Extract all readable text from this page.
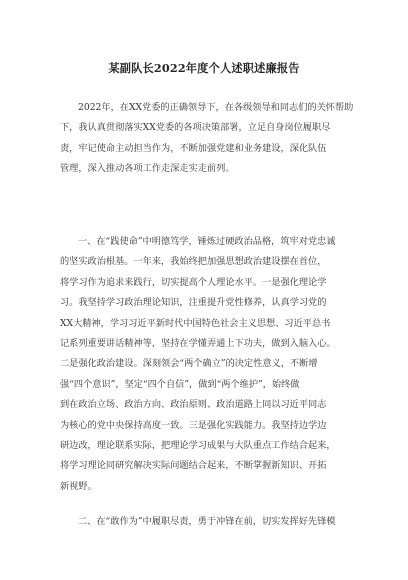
某副队长2022年度个人述职述廉报告
2022年，在XX党委的正确领导下，在各级领导和同志们的关怀帮助
下，我认真贯彻落实XX党委的各项决策部署，立足自身岗位履职尽
责，牢记使命主动担当作为，不断加强党建和业务建设，深化队伍
管理，深入推动各项工作走深走实走前列。
一、在“践使命”中明德笃学，锤炼过硬政治品格，筑牢对党忠诚
的坚实政治根基。一年来，我始终把加强思想政治建设摆在首位，
将学习作为追求来践行，切实提高个人理论水平。一是强化理论学
习。我坚持学习政治理论知识，注重提升党性修养，认真学习党的
XX大精神，学习习近平新时代中国特色社会主义思想、习近平总书
记系列重要讲话精神等，坚持在学懂弄通上下功夫，做到入脑入心。
二是强化政治建设。深刻领会“两个确立”的决定性意义，不断增
强“四个意识”，坚定“四个自信”，做到“两个维护”，始终做
到在政治立场、政治方向、政治原则、政治道路上同以习近平同志
为核心的党中央保持高度一致。三是强化实践能力。我坚持边学边
研边改，理论联系实际，把理论学习成果与大队重点工作结合起来，
将学习理论同研究解决实际问题结合起来，不断掌握新知识、开拓
新视野。
二、在“敢作为”中履职尽责，勇于冲锋在前，切实发挥好先锋模
